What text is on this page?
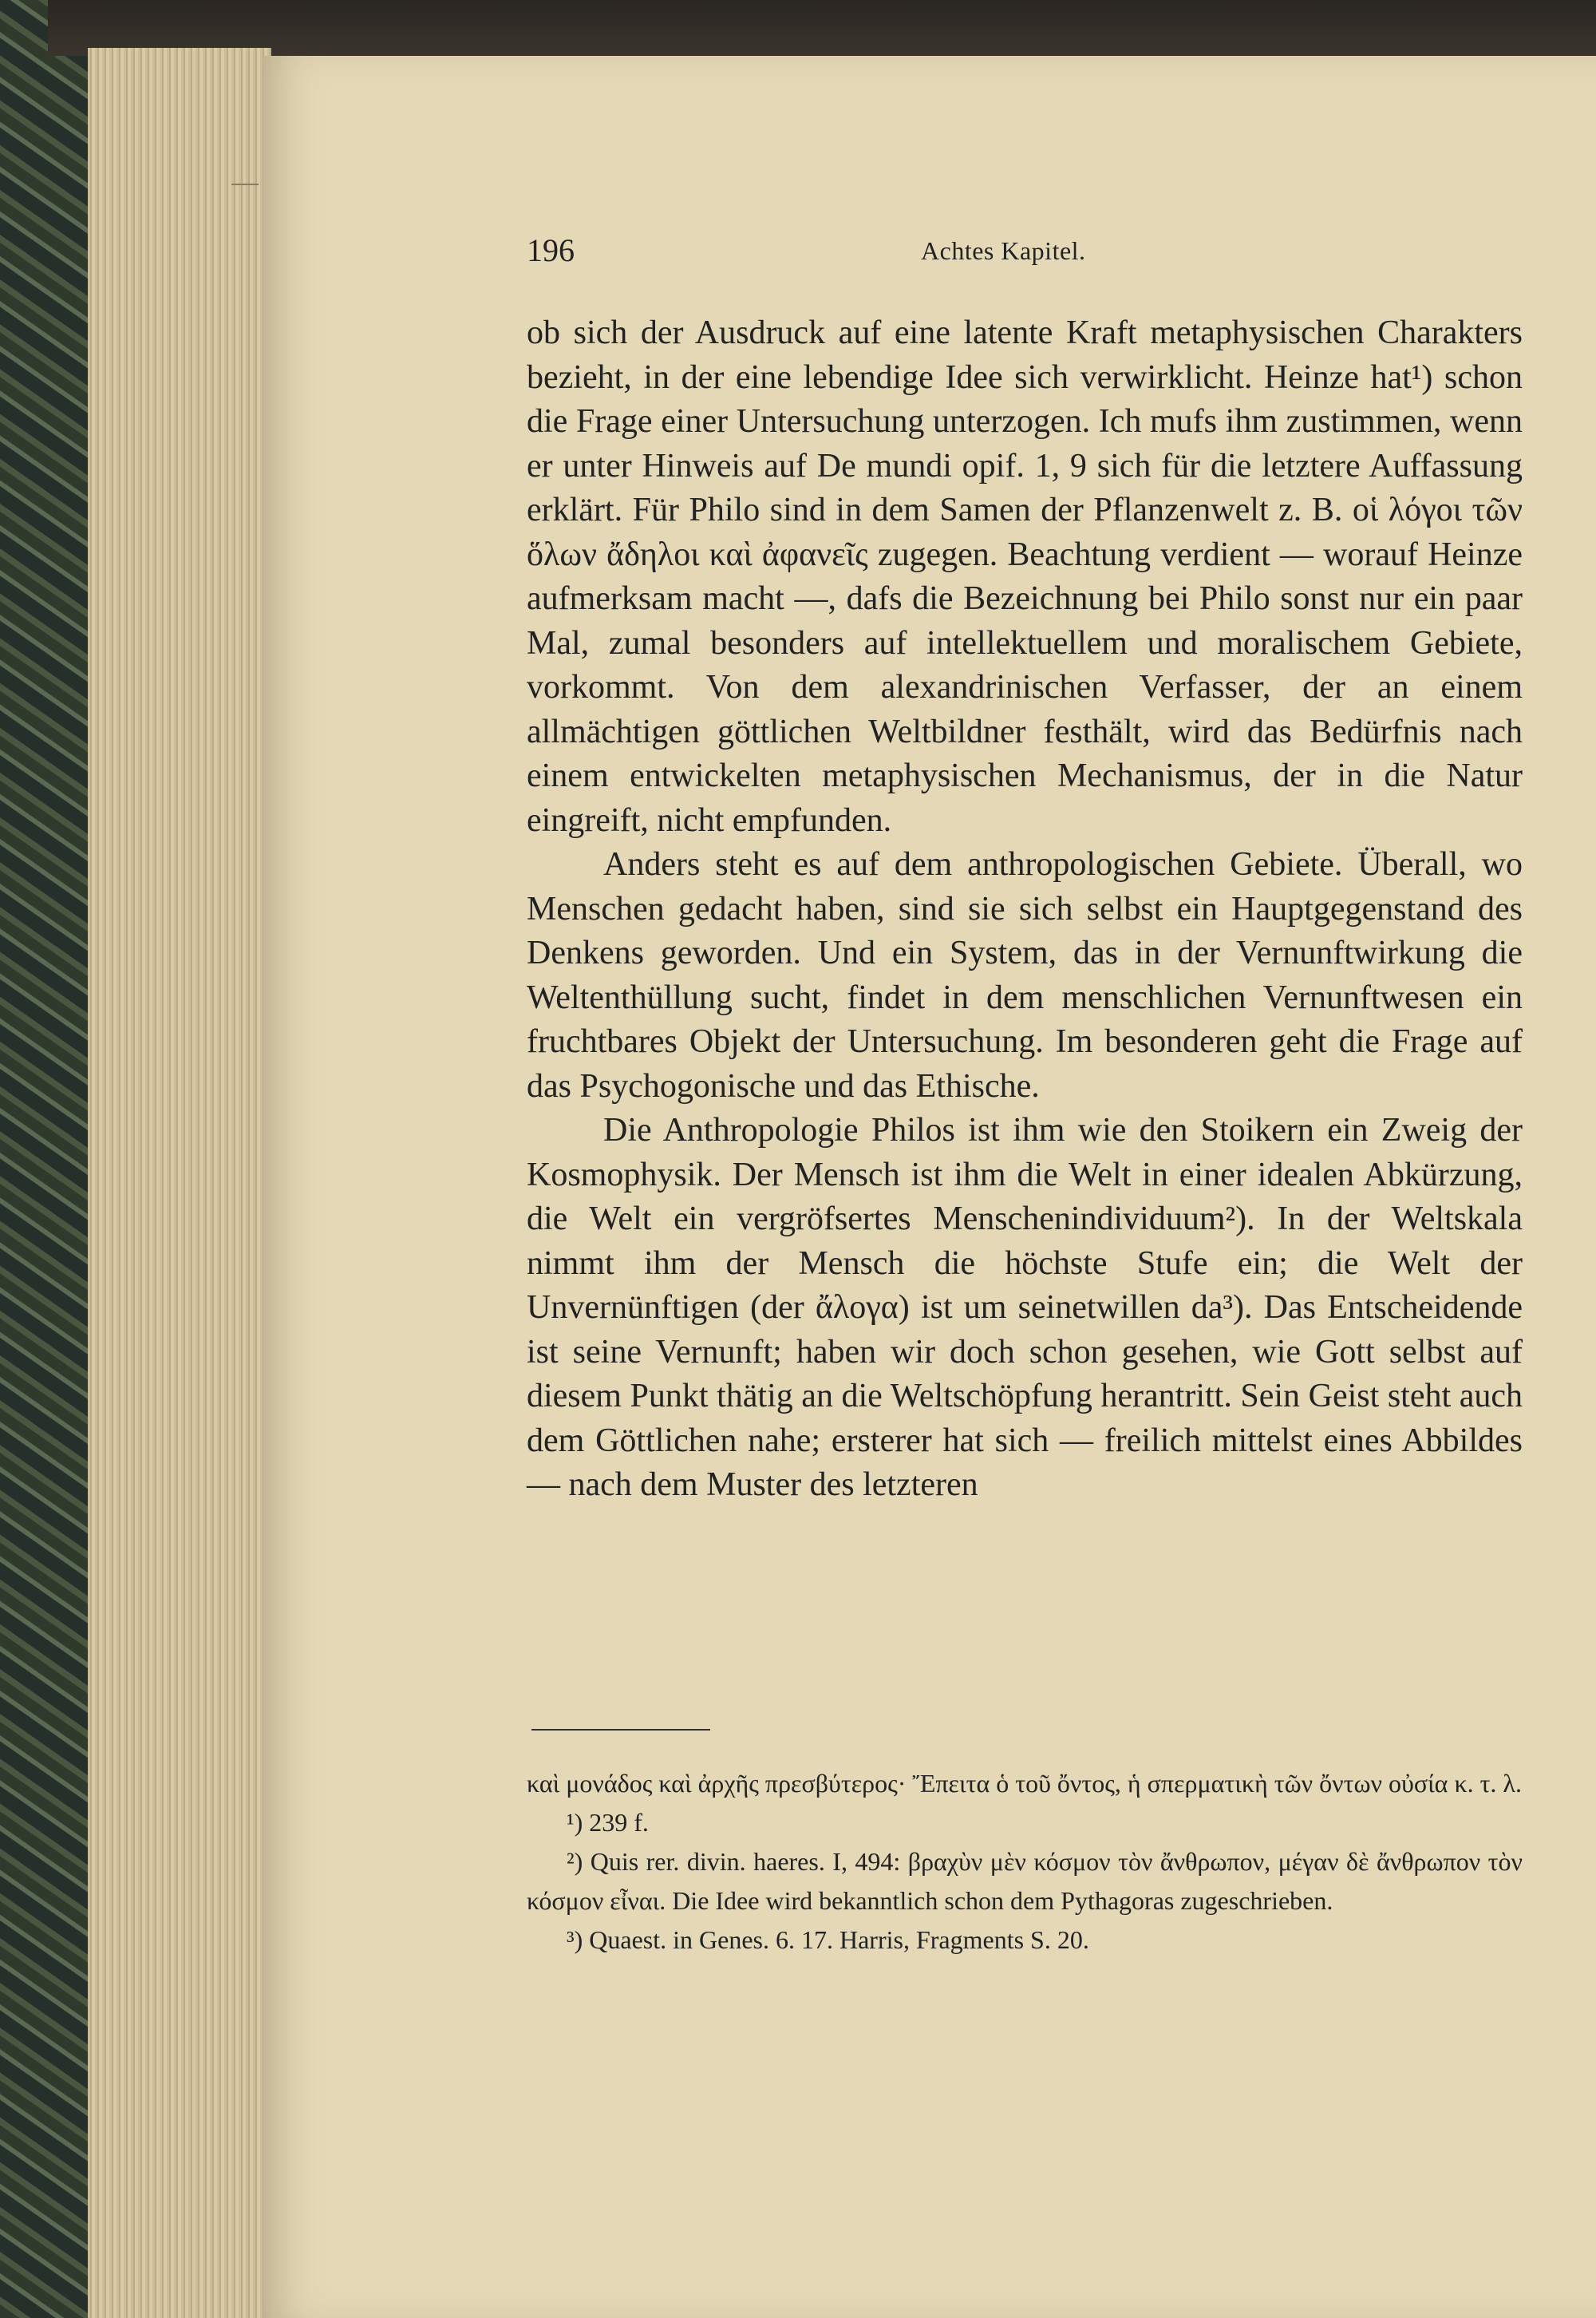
196	Achtes Kapitel.

ob sich der Ausdruck auf eine latente Kraft metaphysischen Charakters bezieht, in der eine lebendige Idee sich verwirklicht. Heinze hat¹) schon die Frage einer Untersuchung unterzogen. Ich mufs ihm zustimmen, wenn er unter Hinweis auf De mundi opif. 1, 9 sich für die letztere Auffassung erklärt. Für Philo sind in dem Samen der Pflanzenwelt z. B. οἱ λόγοι τῶν ὅλων ἄδηλοι καὶ ἀφανεῖς zugegen. Beachtung verdient — worauf Heinze aufmerksam macht —, dafs die Bezeichnung bei Philo sonst nur ein paar Mal, zumal besonders auf intellektuellem und moralischem Gebiete, vorkommt. Von dem alexandrinischen Verfasser, der an einem allmächtigen göttlichen Weltbildner festhält, wird das Bedürfnis nach einem entwickelten metaphysischen Mechanismus, der in die Natur eingreift, nicht empfunden.

Anders steht es auf dem anthropologischen Gebiete. Überall, wo Menschen gedacht haben, sind sie sich selbst ein Hauptgegenstand des Denkens geworden. Und ein System, das in der Vernunftwirkung die Weltenthüllung sucht, findet in dem menschlichen Vernunftwesen ein fruchtbares Objekt der Untersuchung. Im besonderen geht die Frage auf das Psychogonische und das Ethische.

Die Anthropologie Philos ist ihm wie den Stoikern ein Zweig der Kosmophysik. Der Mensch ist ihm die Welt in einer idealen Abkürzung, die Welt ein vergröfsertes Menschenindividuum²). In der Weltskala nimmt ihm der Mensch die höchste Stufe ein; die Welt der Unvernünftigen (der ἄλογα) ist um seinetwillen da³). Das Entscheidende ist seine Vernunft; haben wir doch schon gesehen, wie Gott selbst auf diesem Punkt thätig an die Weltschöpfung herantritt. Sein Geist steht auch dem Göttlichen nahe; ersterer hat sich — freilich mittelst eines Abbildes — nach dem Muster des letzteren

καὶ μονάδος καὶ ἀρχῆς πρεσβύτερος· Ἔπειτα ὁ τοῦ ὄντος, ἡ σπερματικὴ τῶν ὄντων οὐσία κ. τ. λ.

¹) 239 f.

²) Quis rer. divin. haeres. I, 494: βραχὺν μὲν κόσμον τὸν ἄνθρωπον, μέγαν δὲ ἄνθρωπον τὸν κόσμον εἶναι. Die Idee wird bekanntlich schon dem Pythagoras zugeschrieben.

³) Quaest. in Genes. 6. 17. Harris, Fragments S. 20.
